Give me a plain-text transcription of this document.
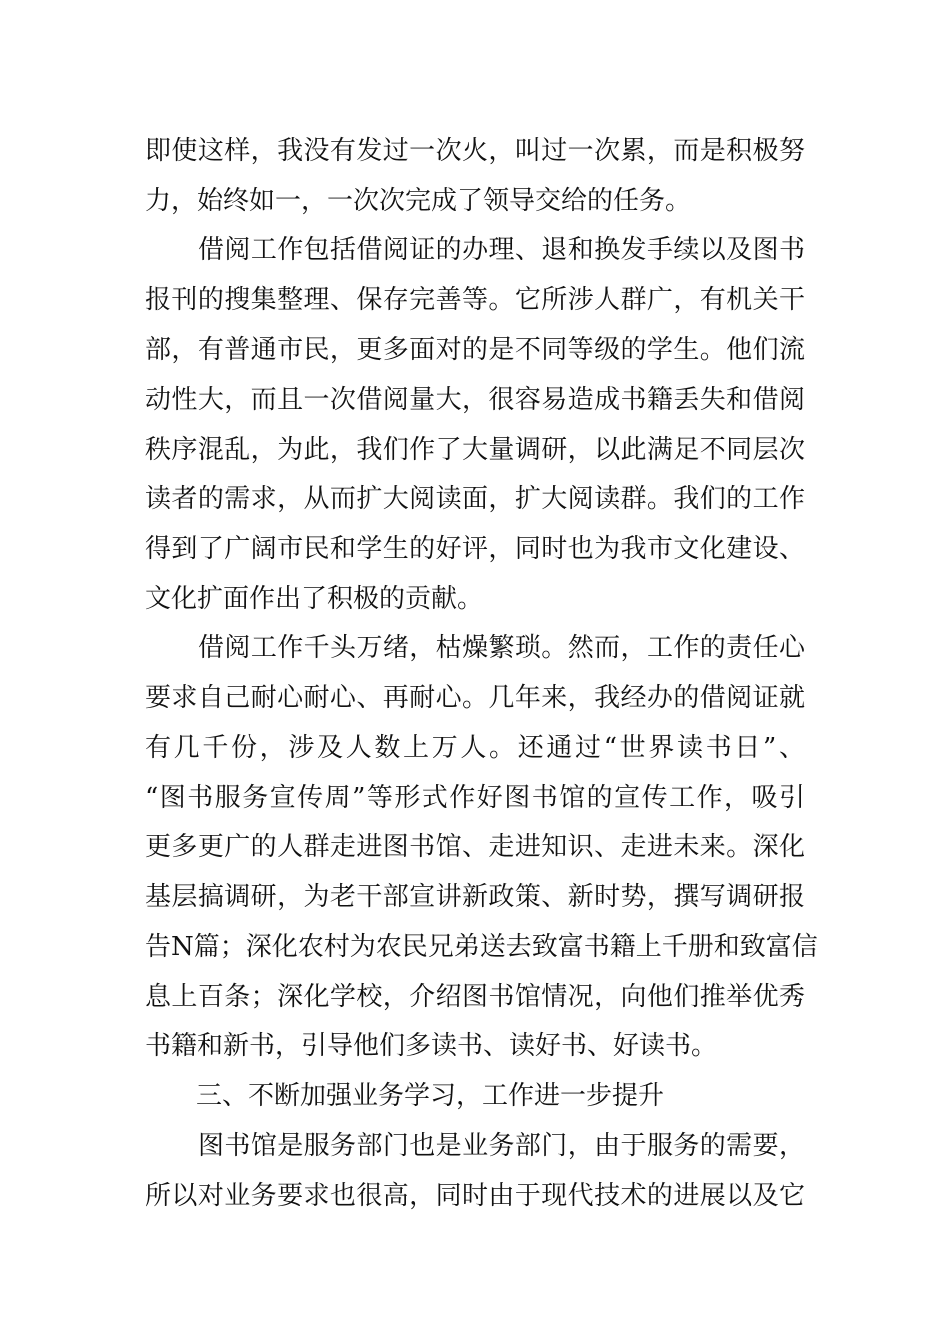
即使这样，我没有发过一次火，叫过一次累，而是积极努
力，始终如一，一次次完成了领导交给的任务。
借阅工作包括借阅证的办理、退和换发手续以及图书
报刊的搜集整理、保存完善等。它所涉人群广，有机关干
部，有普通市民，更多面对的是不同等级的学生。他们流
动性大，而且一次借阅量大，很容易造成书籍丢失和借阅
秩序混乱，为此，我们作了大量调研，以此满足不同层次
读者的需求，从而扩大阅读面，扩大阅读群。我们的工作
得到了广阔市民和学生的好评，同时也为我市文化建设、
文化扩面作出了积极的贡献。
借阅工作千头万绪，枯燥繁琐。然而，工作的责任心
要求自己耐心耐心、再耐心。几年来，我经办的借阅证就
有几千份，涉及人数上万人。还通过“世界读书日”、
“图书服务宣传周”等形式作好图书馆的宣传工作，吸引
更多更广的人群走进图书馆、走进知识、走进未来。深化
基层搞调研，为老干部宣讲新政策、新时势，撰写调研报
告N篇；深化农村为农民兄弟送去致富书籍上千册和致富信
息上百条；深化学校，介绍图书馆情况，向他们推举优秀
书籍和新书，引导他们多读书、读好书、好读书。
三、不断加强业务学习，工作进一步提升
图书馆是服务部门也是业务部门，由于服务的需要，
所以对业务要求也很高，同时由于现代技术的进展以及它
